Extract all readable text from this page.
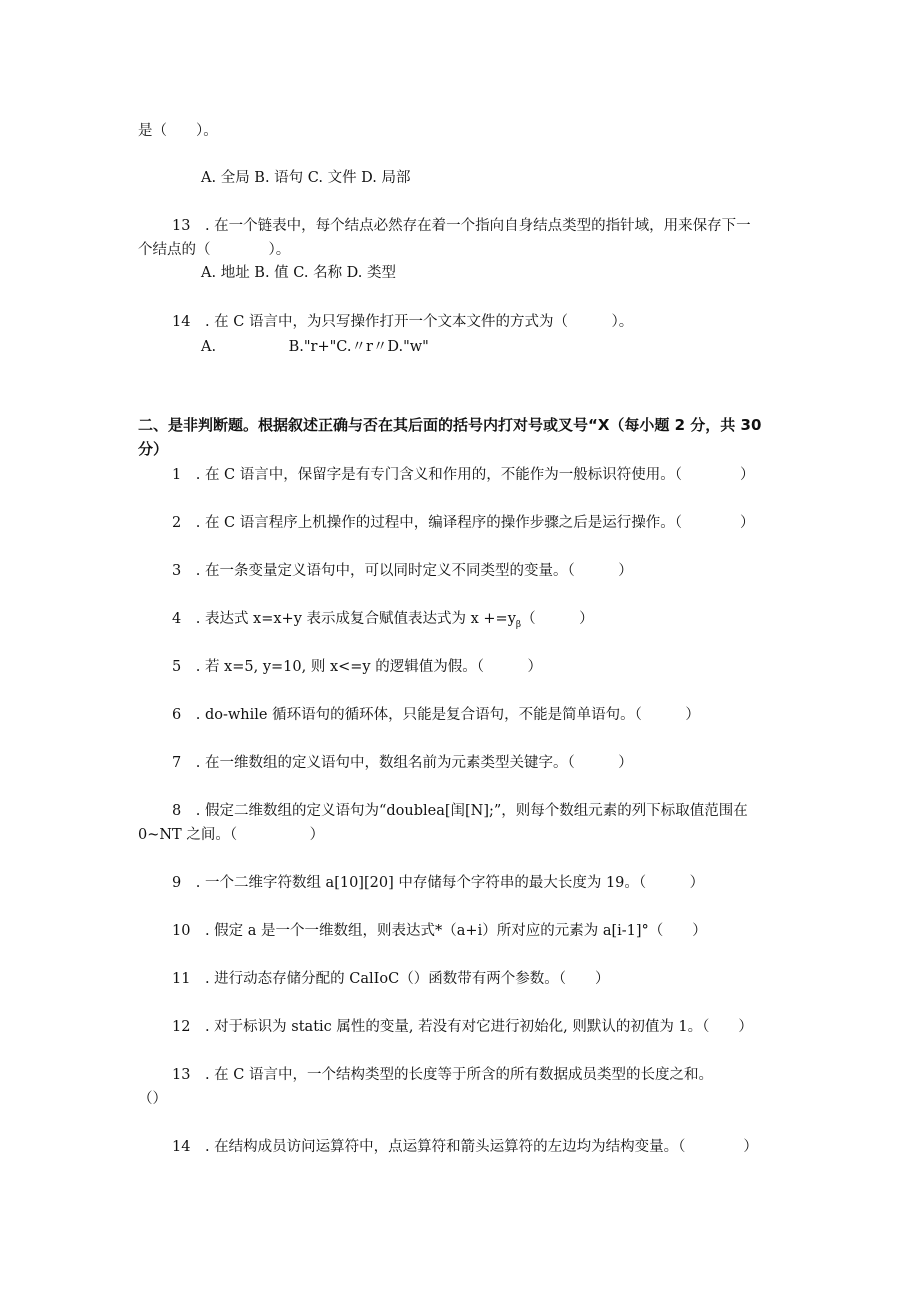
是（　　）。
A. 全局 B. 语句 C. 文件 D. 局部
13　. 在一个链表中，每个结点必然存在着一个指向自身结点类型的指针域，用来保存下一
个结点的（　　　　）。
A. 地址 B. 值 C. 名称 D. 类型
14　. 在 C 语言中，为只写操作打开一个文本文件的方式为（　　　）。
A.　　　　　B."r+"C.〃r〃D."w"
二、是非判断题。根据叙述正确与否在其后面的括号内打对号或叉号“X（每小题 2 分，共 30
分）
1　. 在 C 语言中，保留字是有专门含义和作用的，不能作为一般标识符使用。（　　　　）
2　. 在 C 语言程序上机操作的过程中，编译程序的操作步骤之后是运行操作。（　　　　）
3　. 在一条变量定义语句中，可以同时定义不同类型的变量。（　　　）
4　. 表达式 x=x+y 表示成复合赋值表达式为 $x +=y_\beta$（　　　）
5　. 若 x=5, y=10, 则 x<=y 的逻辑值为假。（　　　）
6　. do-while 循环语句的循环体，只能是复合语句，不能是简单语句。（　　　）
7　. 在一维数组的定义语句中，数组名前为元素类型关键字。（　　　）
8　. 假定二维数组的定义语句为“doublea[闺[N];”，则每个数组元素的列下标取值范围在
0~NT 之间。（　　　　　）
9　. 一个二维字符数组 a[10][20] 中存储每个字符串的最大长度为 19。（　　　）
10　. 假定 a 是一个一维数组，则表达式*（a+i）所对应的元素为 a[i-1]°（　　）
11　. 进行动态存储分配的 CalIoC（）函数带有两个参数。（　　）
12　. 对于标识为 static 属性的变量, 若没有对它进行初始化, 则默认的初值为 1。（　　）
13　. 在 C 语言中，一个结构类型的长度等于所含的所有数据成员类型的长度之和。
（）
14　. 在结构成员访问运算符中，点运算符和箭头运算符的左边均为结构变量。（　　　　）
